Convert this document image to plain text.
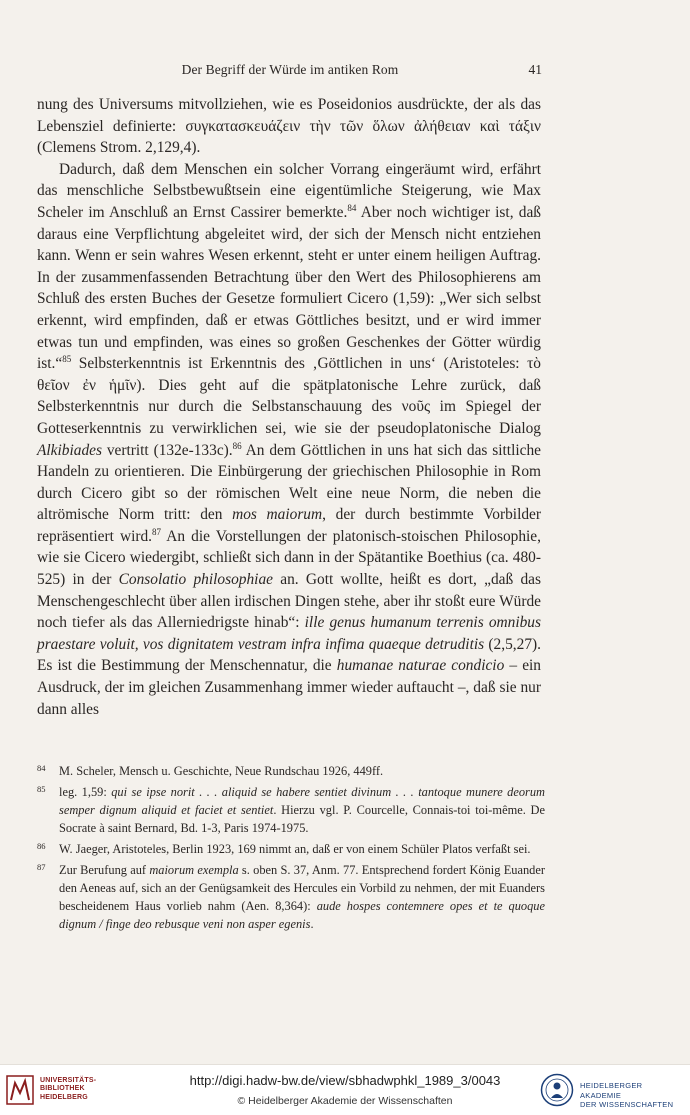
Der Begriff der Würde im antiken Rom	41

nung des Universums mitvollziehen, wie es Poseidonios ausdrückte, der als das Lebensziel definierte: συγκατασκευάζειν τὴν τῶν ὅλων ἀλήθειαν καὶ τάξιν (Clemens Strom. 2,129,4).

Dadurch, daß dem Menschen ein solcher Vorrang eingeräumt wird, erfährt das menschliche Selbstbewußtsein eine eigentümliche Steigerung, wie Max Scheler im Anschluß an Ernst Cassirer bemerkte.$^{84}$ Aber noch wichtiger ist, daß daraus eine Verpflichtung abgeleitet wird, der sich der Mensch nicht entziehen kann. Wenn er sein wahres Wesen erkennt, steht er unter einem heiligen Auftrag. In der zusammenfassenden Betrachtung über den Wert des Philosophierens am Schluß des ersten Buches der Gesetze formuliert Cicero (1,59): „Wer sich selbst erkennt, wird empfinden, daß er etwas Göttliches besitzt, und er wird immer etwas tun und empfinden, was eines so großen Geschenkes der Götter würdig ist.“$^{85}$ Selbsterkenntnis ist Erkenntnis des ‚Göttlichen in uns‘ (Aristoteles: τὸ θεῖον ἐν ἡμῖν). Dies geht auf die spätplatonische Lehre zurück, daß Selbsterkenntnis nur durch die Selbstanschauung des νοῦς im Spiegel der Gotteserkenntnis zu verwirklichen sei, wie sie der pseudoplatonische Dialog Alkibiades vertritt (132e-133c).$^{86}$ An dem Göttlichen in uns hat sich das sittliche Handeln zu orientieren. Die Einbürgerung der griechischen Philosophie in Rom durch Cicero gibt so der römischen Welt eine neue Norm, die neben die altrömische Norm tritt: den mos maiorum, der durch bestimmte Vorbilder repräsentiert wird.$^{87}$ An die Vorstellungen der platonisch-stoischen Philosophie, wie sie Cicero wiedergibt, schließt sich dann in der Spätantike Boethius (ca. 480-525) in der Consolatio philosophiae an. Gott wollte, heißt es dort, „daß das Menschengeschlecht über allen irdischen Dingen stehe, aber ihr stoßt eure Würde noch tiefer als das Allerniedrigste hinab“: ille genus humanum terrenis omnibus praestare voluit, vos dignitatem vestram infra infima quaeque detruditis (2,5,27). Es ist die Bestimmung der Menschennatur, die humanae naturae condicio – ein Ausdruck, der im gleichen Zusammenhang immer wieder auftaucht –, daß sie nur dann alles

84 M. Scheler, Mensch u. Geschichte, Neue Rundschau 1926, 449ff.
85 leg. 1,59: qui se ipse norit . . . aliquid se habere sentiet divinum . . . tantoque munere deorum semper dignum aliquid et faciet et sentiet. Hierzu vgl. P. Courcelle, Connais-toi toi-même. De Socrate à saint Bernard, Bd. 1-3, Paris 1974-1975.
86 W. Jaeger, Aristoteles, Berlin 1923, 169 nimmt an, daß er von einem Schüler Platos verfaßt sei.
87 Zur Berufung auf maiorum exempla s. oben S. 37, Anm. 77. Entsprechend fordert König Euander den Aeneas auf, sich an der Genügsamkeit des Hercules ein Vorbild zu nehmen, der mit Euanders bescheidenem Haus vorlieb nahm (Aen. 8,364): aude hospes contemnere opes et te quoque dignum / finge deo rebusque veni non asper egenis.
UNIVERSITÄTS-
BIBLIOTHEK
HEIDELBERG
http://digi.hadw-bw.de/view/sbhadwphkl_1989_3/0043
© Heidelberger Akademie der Wissenschaften
HEIDELBERGER AKADEMIE
DER WISSENSCHAFTEN
